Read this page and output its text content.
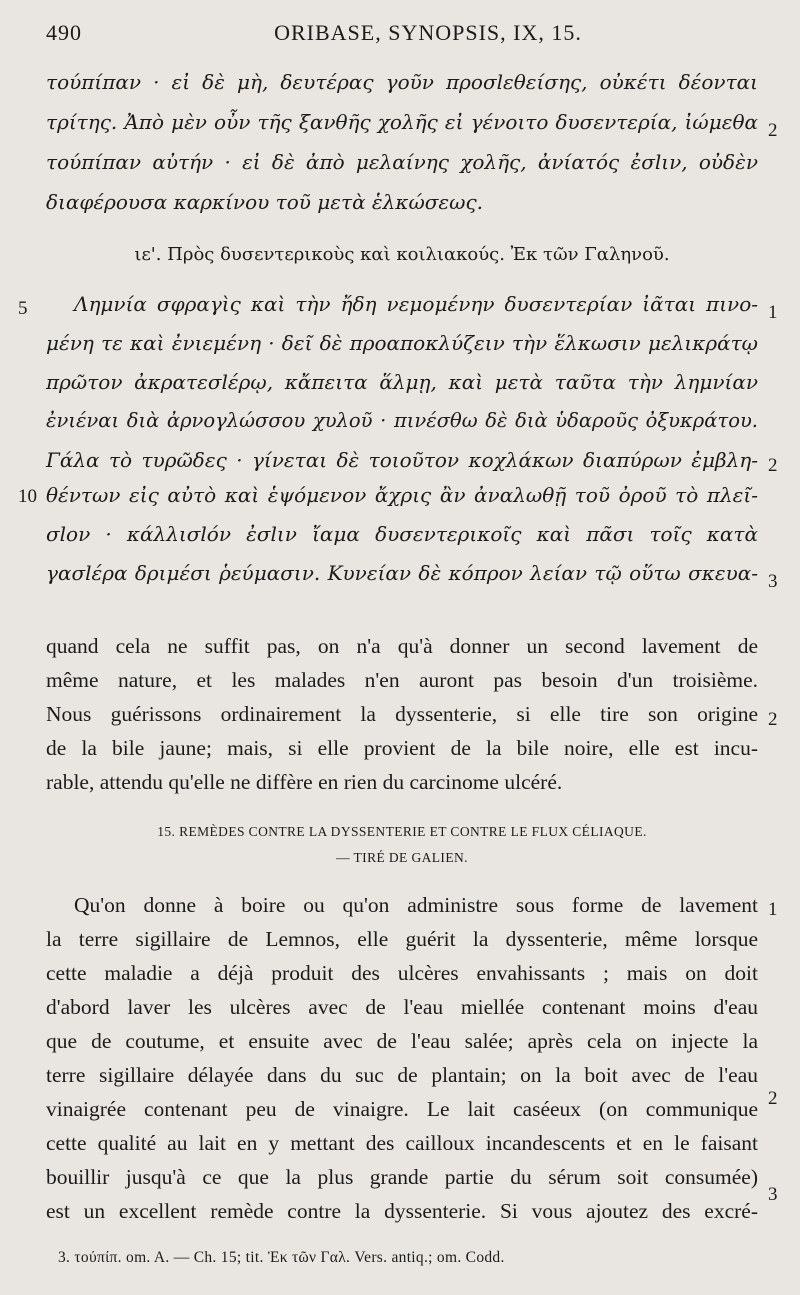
490	ORIBASE, SYNOPSIS, IX, 15.
τούπίπαν · εἰ δὲ μὴ, δευτέρας γοῦν προσlεθείσης, οὐκέτι δέονται
τρίτης. Ἀπὸ μὲν οὖν τῆς ξανθῆς χολῆς εἰ γένοιτο δυσεντερία, ἰώμεθα 2
τούπίπαν αὐτήν · εἰ δὲ ἀπὸ μελαίνης χολῆς, ἀνίατός ἐσlιν, οὐδὲν
διαφέρουσα καρκίνου τοῦ μετὰ ἑλκώσεως.
ιε'. Πρὸς δυσεντερικοὺς καὶ κοιλιακούς. Ἐκ τῶν Γαληνοῦ.
5	Λημνία σφραγὶς καὶ τὴν ἤδη νεμομένην δυσεντερίαν ἰᾶται πινο- 1
μένη τε καὶ ἐνιεμένη · δεῖ δὲ προαποκλύζειν τὴν ἕλκωσιν μελικράτῳ
πρῶτον ἀκρατεσlέρῳ, κἄπειτα ἅλμῃ, καὶ μετὰ ταῦτα τὴν λημνίαν
ἐνιέναι διὰ ἀρνογλώσσου χυλοῦ · πινέσθω δὲ διὰ ὑδαροῦς ὀξυκράτου.
Γάλα τὸ τυρῶδες · γίνεται δὲ τοιοῦτον κοχλάκων διαπύρων ἐμβλη- 2
10 θέντων εἰς αὐτὸ καὶ ἑψόμενον ἄχρις ἂν ἀναλωθῇ τοῦ ὀροῦ τὸ πλεῖ-
σlον · κάλλισlόν ἐσlιν ἴαμα δυσεντερικοῖς καὶ πᾶσι τοῖς κατὰ
γασlέρα δριμέσι ῥεύμασιν. Κυνείαν δὲ κόπρον λείαν τῷ οὕτω σκευα- 3
quand cela ne suffit pas, on n'a qu'à donner un second lavement de
même nature, et les malades n'en auront pas besoin d'un troisième.
Nous guérissons ordinairement la dyssenterie, si elle tire son origine 2
de la bile jaune; mais, si elle provient de la bile noire, elle est incu-
rable, attendu qu'elle ne diffère en rien du carcinome ulcéré.
15. REMÈDES CONTRE LA DYSSENTERIE ET CONTRE LE FLUX CÉLIAQUE.
— TIRÉ DE GALIEN.
Qu'on donne à boire ou qu'on administre sous forme de lavement 1
la terre sigillaire de Lemnos, elle guérit la dyssenterie, même lorsque
cette maladie a déjà produit des ulcères envahissants ; mais on doit
d'abord laver les ulcères avec de l'eau miellée contenant moins d'eau
que de coutume, et ensuite avec de l'eau salée; après cela on injecte la
terre sigillaire délayée dans du suc de plantain; on la boit avec de l'eau
vinaigrée contenant peu de vinaigre. Le lait caséeux (on communique 2
cette qualité au lait en y mettant des cailloux incandescents et en le faisant
bouillir jusqu'à ce que la plus grande partie du sérum soit consumée)
est un excellent remède contre la dyssenterie. Si vous ajoutez des excré-
3
3. τούπίπ. om. A. — Ch. 15; tit. Ἐκ τῶν Γαλ. Vers. antiq.; om. Codd.
